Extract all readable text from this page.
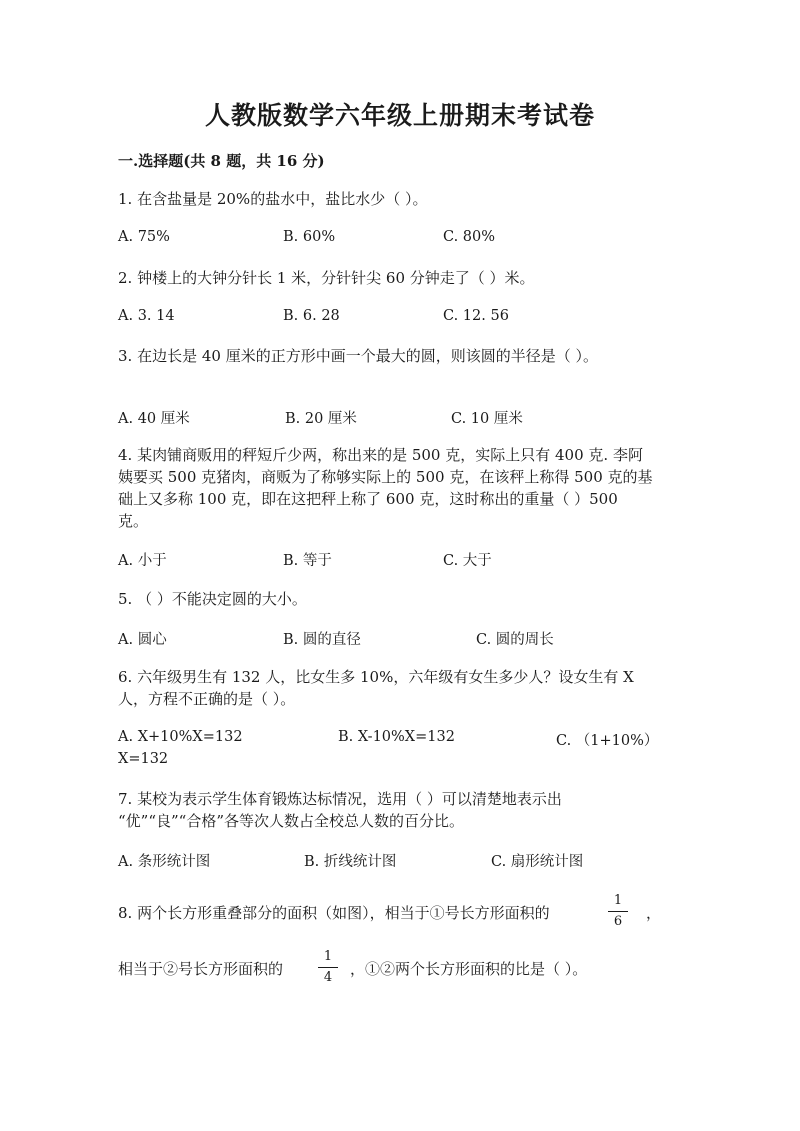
人教版数学六年级上册期末考试卷
一.选择题(共 8 题，共 16 分)
1. 在含盐量是 20%的盐水中，盐比水少（ ）。
A. 75%	B. 60%	C. 80%
2. 钟楼上的大钟分针长 1 米，分针针尖 60 分钟走了（ ）米。
A. 3. 14	B. 6. 28	C. 12. 56
3. 在边长是 40 厘米的正方形中画一个最大的圆，则该圆的半径是（ ）。
A. 40 厘米	B. 20 厘米	C. 10 厘米
4. 某肉铺商贩用的秤短斤少两，称出来的是 500 克，实际上只有 400 克. 李阿
姨要买 500 克猪肉，商贩为了称够实际上的 500 克，在该秤上称得 500 克的基
础上又多称 100 克，即在这把秤上称了 600 克，这时称出的重量（ ）500
克。
A. 小于	B. 等于	C. 大于
5. （ ）不能决定圆的大小。
A. 圆心	B. 圆的直径	C. 圆的周长
6. 六年级男生有 132 人，比女生多 10%，六年级有女生多少人？设女生有 X
人，方程不正确的是（ ）。
A. X+10%X=132	B. X-10%X=132	C. （1+10%）
X=132
7. 某校为表示学生体育锻炼达标情况，选用（ ）可以清楚地表示出
“优”“良”“合格”各等次人数占全校总人数的百分比。
A. 条形统计图	B. 折线统计图	C. 扇形统计图
8. 两个长方形重叠部分的面积（如图），相当于①号长方形面积的
1
6	，
相当于②号长方形面积的
1
4	，①②两个长方形面积的比是（ ）。
